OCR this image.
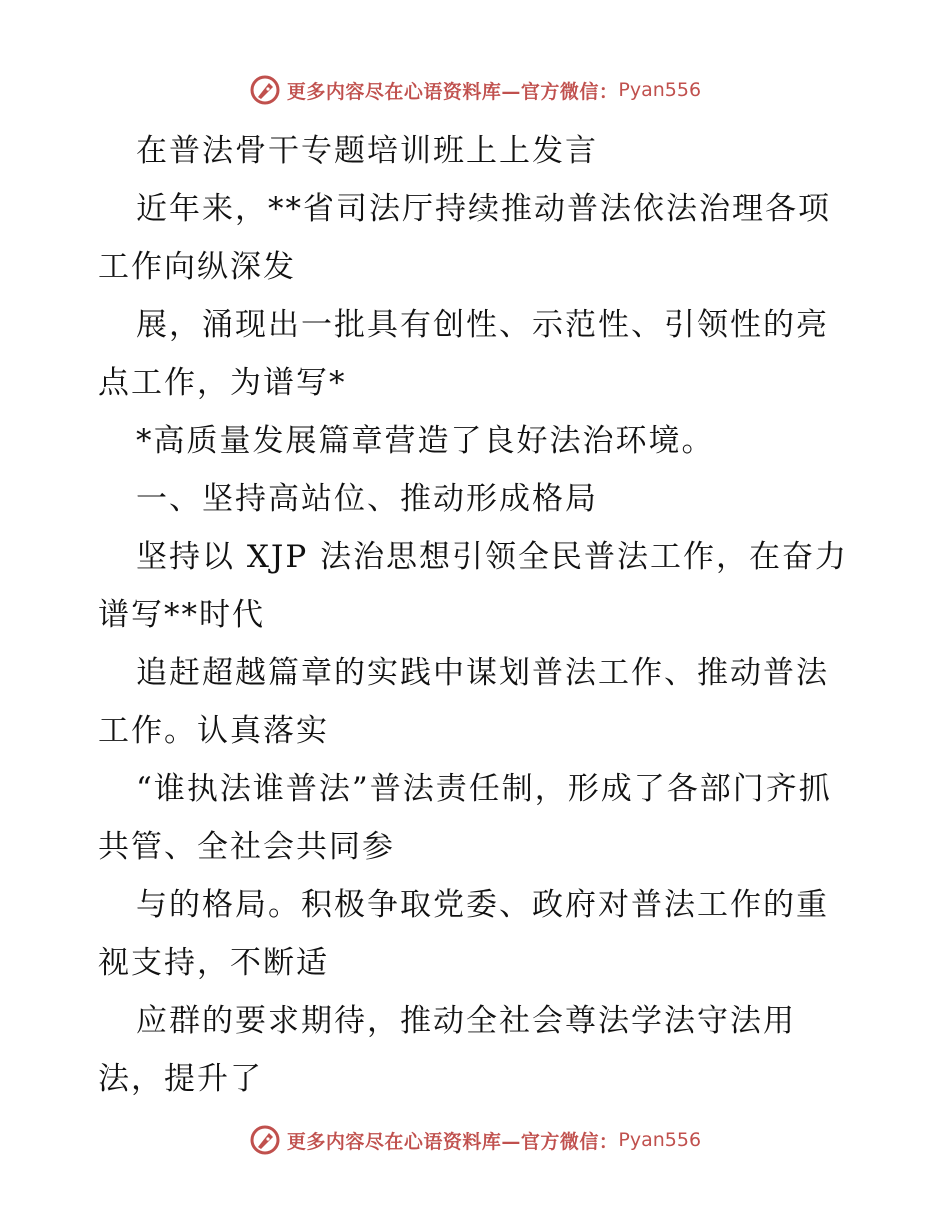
更多内容尽在心语资料库—官方微信： Pyan556

在普法骨干专题培训班上上发言

近年来，**省司法厅持续推动普法依法治理各项工作向纵深发

展，涌现出一批具有创性、示范性、引领性的亮点工作，为谱写*

*高质量发展篇章营造了良好法治环境。

一、坚持高站位、推动形成格局

坚持以 XJP 法治思想引领全民普法工作，在奋力谱写**时代

追赶超越篇章的实践中谋划普法工作、推动普法工作。认真落实

“谁执法谁普法”普法责任制，形成了各部门齐抓共管、全社会共同参

与的格局。积极争取党委、政府对普法工作的重视支持，不断适

应群的要求期待，推动全社会尊法学法守法用法，提升了

更多内容尽在心语资料库—官方微信： Pyan556
